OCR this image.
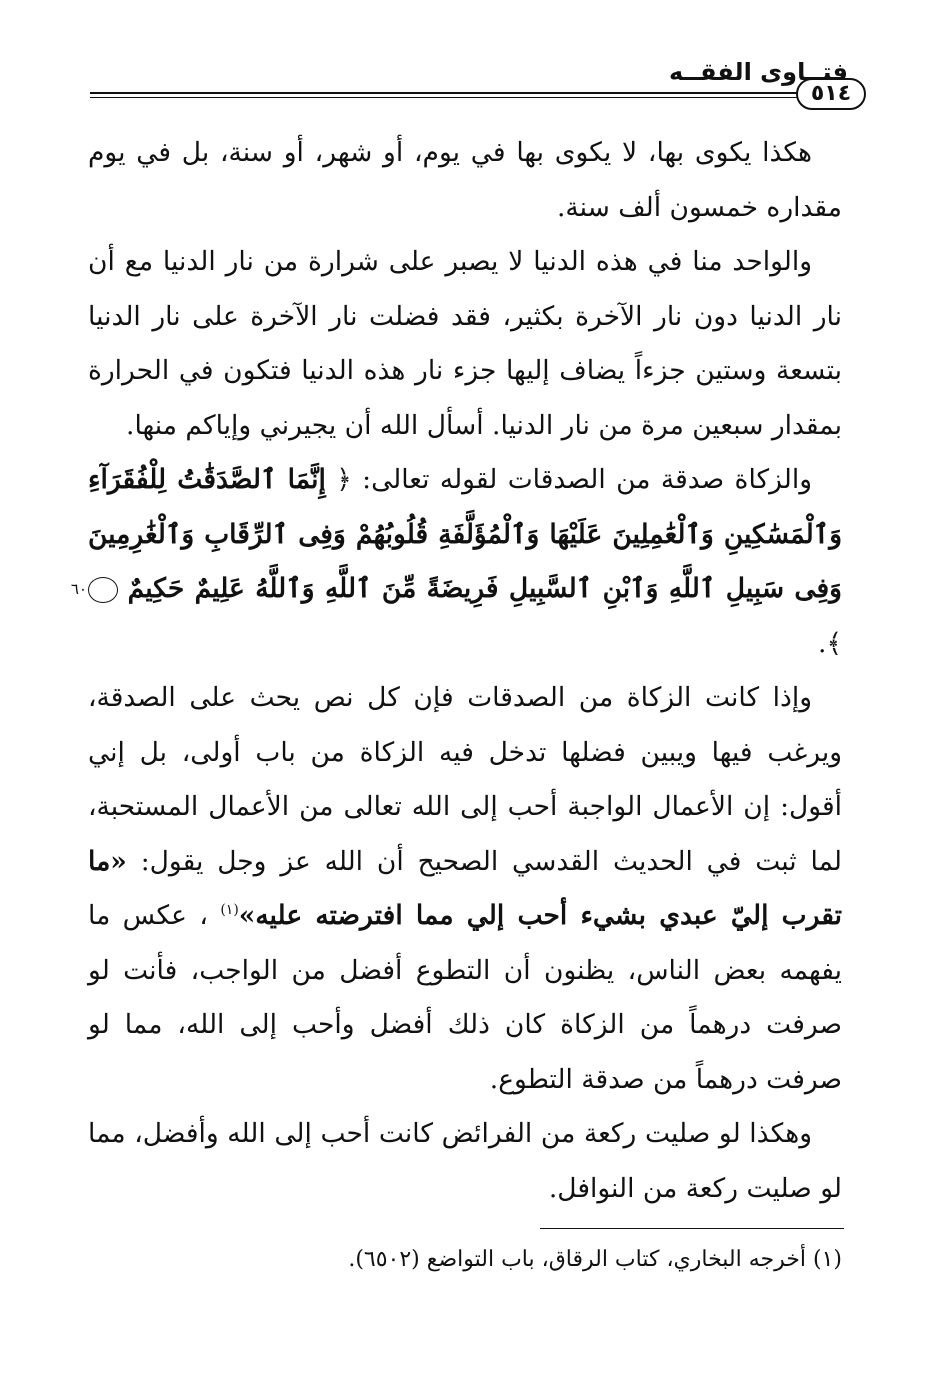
فتــاوى الفقــه
٥١٤

هكذا يكوى بها، لا يكوى بها في يوم، أو شهر، أو سنة، بل في يوم مقداره خمسون ألف سنة.

والواحد منا في هذه الدنيا لا يصبر على شرارة من نار الدنيا مع أن نار الدنيا دون نار الآخرة بكثير، فقد فضلت نار الآخرة على نار الدنيا بتسعة وستين جزءاً يضاف إليها جزء نار هذه الدنيا فتكون في الحرارة بمقدار سبعين مرة من نار الدنيا. أسأل الله أن يجيرني وإياكم منها.

والزكاة صدقة من الصدقات لقوله تعالى: ﴿ إِنَّمَا ٱلصَّدَقَٰتُ لِلْفُقَرَآءِ وَٱلْمَسَٰكِينِ وَٱلْعَٰمِلِينَ عَلَيْهَا وَٱلْمُؤَلَّفَةِ قُلُوبُهُمْ وَفِى ٱلرِّقَابِ وَٱلْغَٰرِمِينَ وَفِى سَبِيلِ ٱللَّهِ وَٱبْنِ ٱلسَّبِيلِ فَرِيضَةً مِّنَ ٱللَّهِ وَٱللَّهُ عَلِيمٌ حَكِيمٌ ٦٠﴾.

وإذا كانت الزكاة من الصدقات فإن كل نص يحث على الصدقة، ويرغب فيها ويبين فضلها تدخل فيه الزكاة من باب أولى، بل إني أقول: إن الأعمال الواجبة أحب إلى الله تعالى من الأعمال المستحبة، لما ثبت في الحديث القدسي الصحيح أن الله عز وجل يقول: «ما تقرب إليّ عبدي بشيء أحب إلي مما افترضته عليه»$^{(١)}$ ، عكس ما يفهمه بعض الناس، يظنون أن التطوع أفضل من الواجب، فأنت لو صرفت درهماً من الزكاة كان ذلك أفضل وأحب إلى الله، مما لو صرفت درهماً من صدقة التطوع.

وهكذا لو صليت ركعة من الفرائض كانت أحب إلى الله وأفضل، مما لو صليت ركعة من النوافل.

(١) أخرجه البخاري، كتاب الرقاق، باب التواضع (٦٥٠٢).
